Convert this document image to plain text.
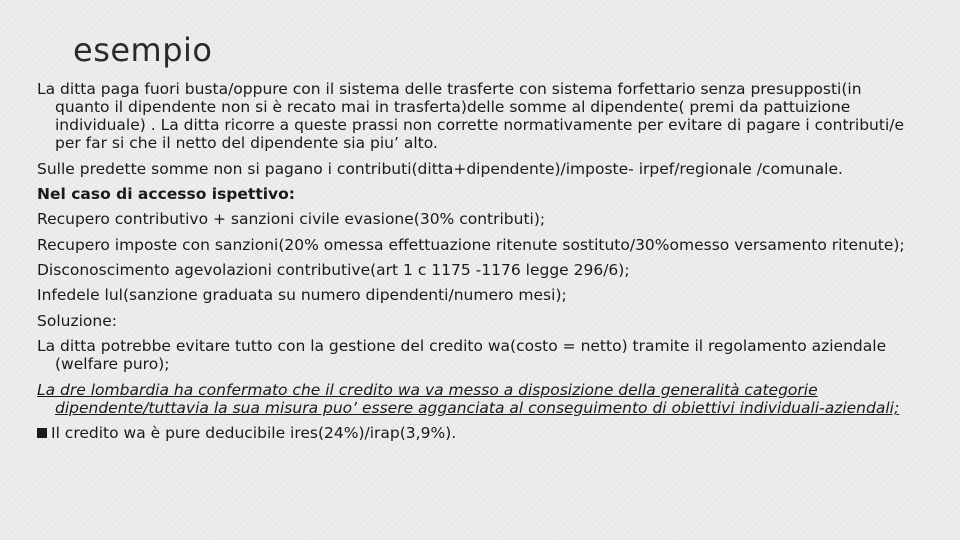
esempio

La ditta paga fuori busta/oppure con il sistema delle trasferte con sistema forfettario senza presupposti(in quanto il dipendente non si è recato mai in trasferta)delle somme al dipendente( premi da pattuizione individuale) . La ditta ricorre a queste prassi non corrette normativamente per evitare di pagare i contributi/e per far si che il netto del dipendente sia piu’ alto.

Sulle predette somme non si pagano i contributi(ditta+dipendente)/imposte- irpef/regionale /comunale.

Nel caso di accesso ispettivo:

Recupero contributivo + sanzioni civile evasione(30% contributi);

Recupero imposte con sanzioni(20% omessa effettuazione ritenute sostituto/30%omesso versamento ritenute);

Disconoscimento agevolazioni contributive(art 1 c 1175 -1176 legge 296/6);

Infedele lul(sanzione graduata su numero dipendenti/numero mesi);

Soluzione:

La ditta potrebbe evitare tutto con la gestione del credito wa(costo = netto) tramite il regolamento aziendale (welfare puro);

La dre lombardia ha confermato che il credito wa va messo a disposizione della generalità categorie dipendente/tuttavia la sua misura puo’ essere agganciata al conseguimento di obiettivi individuali-aziendali;

Il credito wa è pure deducibile ires(24%)/irap(3,9%).
